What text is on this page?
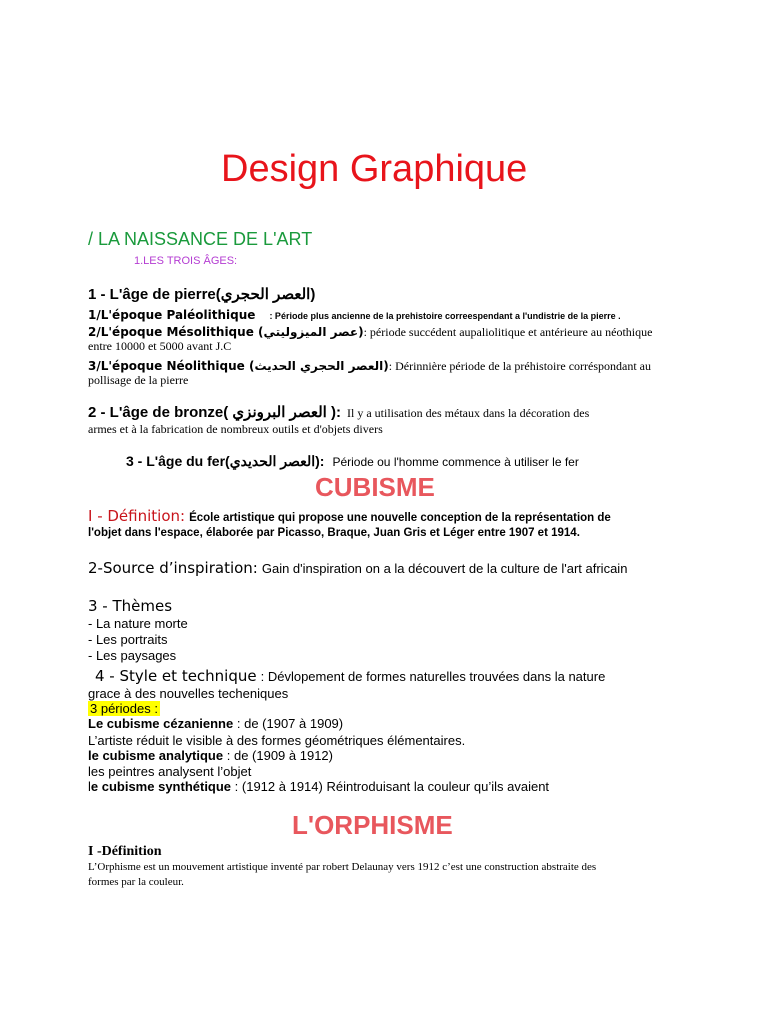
Design Graphique
/ LA NAISSANCE DE L'ART
1.LES TROIS ÂGES:
1 - L'âge de pierre(العصر الحجري)
1/L'époque Paléolithique : Période plus ancienne de la prehistoire correespendant a l'undistrie de la pierre .
2/L'époque Mésolithique (عصر الميزوليتي): période succédent aupaliolitique et antérieure au néothique
entre 10000 et 5000 avant J.C
3/L'époque Néolithique (العصر الحجري الحديث): Dérinnière période de la préhistoire corréspondant au
pollisage de la pierre
2 - L'âge de bronze( العصر البرونزي ): Il y a utilisation des métaux dans la décoration des
armes et à la fabrication de nombreux outils et d'objets divers
3 - L'âge du fer(العصر الحديدي): Période ou l'homme commence à utiliser le fer
CUBISME
I - Définition: École artistique qui propose une nouvelle conception de la représentation de
l'objet dans l'espace, élaborée par Picasso, Braque, Juan Gris et Léger entre 1907 et 1914.
2-Source d’inspiration: Gain d'inspiration on a la découvert de la culture de l'art africain
3 - Thèmes
- La nature morte
- Les portraits
- Les paysages
4 - Style et technique : Dévlopement de formes naturelles trouvées dans la nature
grace à des nouvelles techeniques
3 périodes :
Le cubisme cézanienne : de (1907 à 1909)
L’artiste réduit le visible à des formes géométriques élémentaires.
le cubisme analytique : de (1909 à 1912)
les peintres analysent l’objet
le cubisme synthétique : (1912 à 1914) Réintroduisant la couleur qu’ils avaient
L'ORPHISME
I -Définition
L’Orphisme est un mouvement artistique inventé par robert Delaunay vers 1912 c’est une construction abstraite des
formes par la couleur.
